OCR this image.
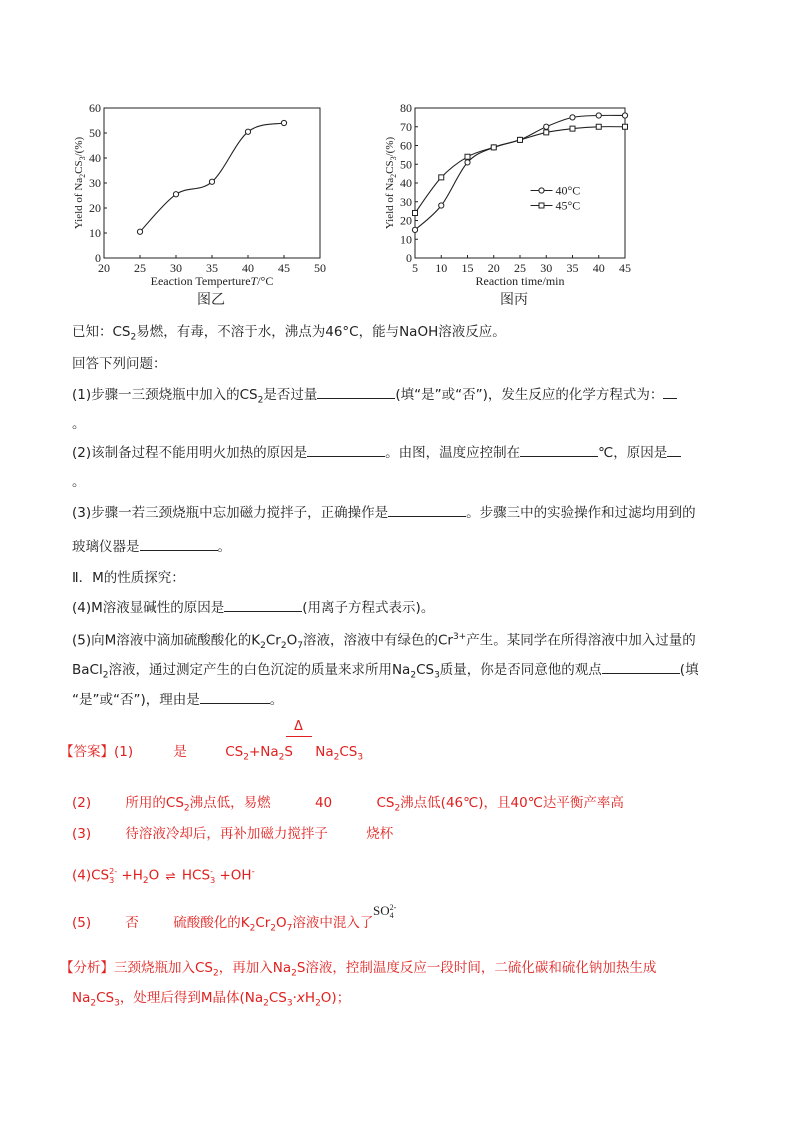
20 25 30 35 40 45 50
0
10
20
30
40
50
60
Eeaction TempertureT/°C
Yield of $Na_2CS_3/(\%)$
图乙
5 10 15 20 25 30 35 40 45
0
10
20
30
40
50
60
70
80
Reaction time/min
Yield of $Na_2CS_3/(\%)$
40°C
45°C
图丙
已知：$CS_2$易燃，有毒，不溶于水，沸点为46°C，能与NaOH溶液反应。
回答下列问题：
(1)步骤一三颈烧瓶中加入的$CS_2$是否过量	(填“是”或“否”)，发生反应的化学方程式为：
。
(2)该制备过程不能用明火加热的原因是	。由图，温度应控制在	℃，原因是
。
(3)步骤一若三颈烧瓶中忘加磁力搅拌子，正确操作是	。步骤三中的实验操作和过滤均用到的
玻璃仪器是	。
Ⅱ．M的性质探究：
(4)M溶液显碱性的原因是	(用离子方程式表示)。
(5)向M溶液中滴加硫酸酸化的$K_2Cr_2O_7$溶液，溶液中有绿色的$Cr^{3+}$产生。某同学在所得溶液中加入过量的
BaCl$_2$溶液，通过测定产生的白色沉淀的质量来求所用$Na_2CS_3$质量，你是否同意他的观点	(填
“是”或“否”)，理由是	。
Δ
【答案】(1)	是	$CS_2+Na_2S$ $Na_2CS_3$
(2)	所用的$CS_2$沸点低，易燃	40	$CS_2$沸点低(46℃)，且40℃达平衡产率高
(3)	待溶液冷却后，再补加磁力搅拌子	烧杯
(4)CS2-
$3 +H_2O$ ⇌ HCS-
3 +OH-
(5)	否	硫酸酸化的$K_2Cr_2O_7$溶液中混入了
SO2-
4
【分析】三颈烧瓶加入$CS_2$，再加入$Na_2S$溶液，控制温度反应一段时间，二硫化碳和硫化钠加热生成
$Na_2CS_3$，处理后得到M晶体$(Na_2CS_3\cdot xH_2O)$；
